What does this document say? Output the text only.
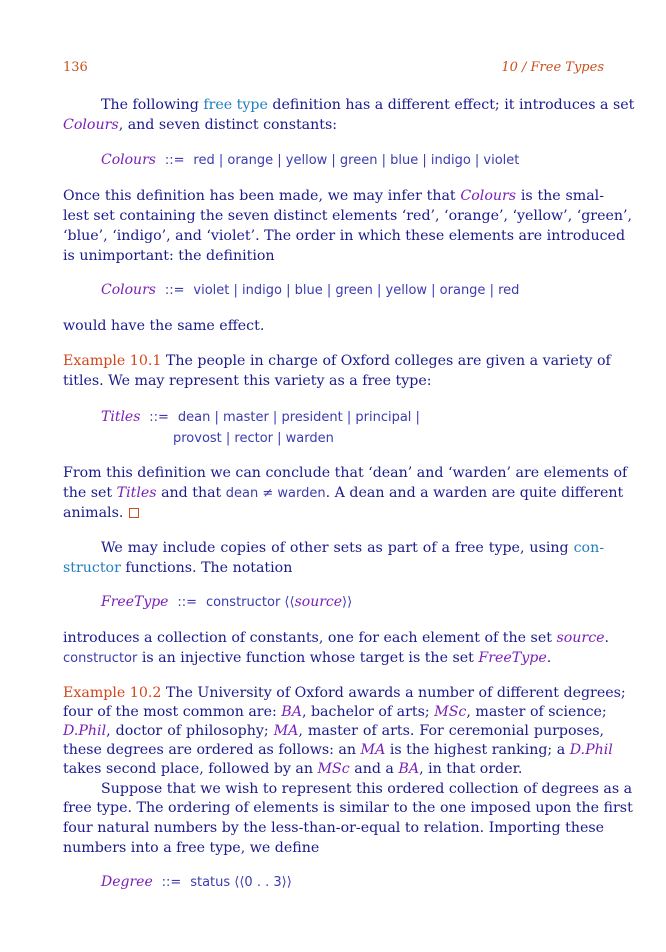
136	10 / Free Types
The following free type definition has a different effect; it introduces a set
Colours, and seven distinct constants:
Colours ::= red | orange | yellow | green | blue | indigo | violet
Once this definition has been made, we may infer that Colours is the smal-
lest set containing the seven distinct elements ‘red’, ‘orange’, ‘yellow’, ‘green’,
‘blue’, ‘indigo’, and ‘violet’. The order in which these elements are introduced
is unimportant: the definition
Colours ::= violet | indigo | blue | green | yellow | orange | red
would have the same effect.
Example 10.1 The people in charge of Oxford colleges are given a variety of
titles. We may represent this variety as a free type:
Titles ::= dean | master | president | principal |
provost | rector | warden
From this definition we can conclude that ‘dean’ and ‘warden’ are elements of
the set Titles and that dean ≠ warden. A dean and a warden are quite different
animals.
We may include copies of other sets as part of a free type, using con-
structor functions. The notation
FreeType ::= constructor ⟨⟨source⟩⟩
introduces a collection of constants, one for each element of the set source.
constructor is an injective function whose target is the set FreeType.
Example 10.2 The University of Oxford awards a number of different degrees;
four of the most common are: BA, bachelor of arts; MSc, master of science;
D.Phil, doctor of philosophy; MA, master of arts. For ceremonial purposes,
these degrees are ordered as follows: an MA is the highest ranking; a D.Phil
takes second place, followed by an MSc and a BA, in that order.
Suppose that we wish to represent this ordered collection of degrees as a
free type. The ordering of elements is similar to the one imposed upon the first
four natural numbers by the less-than-or-equal to relation. Importing these
numbers into a free type, we define
Degree ::= status ⟨⟨0 . . 3⟩⟩
